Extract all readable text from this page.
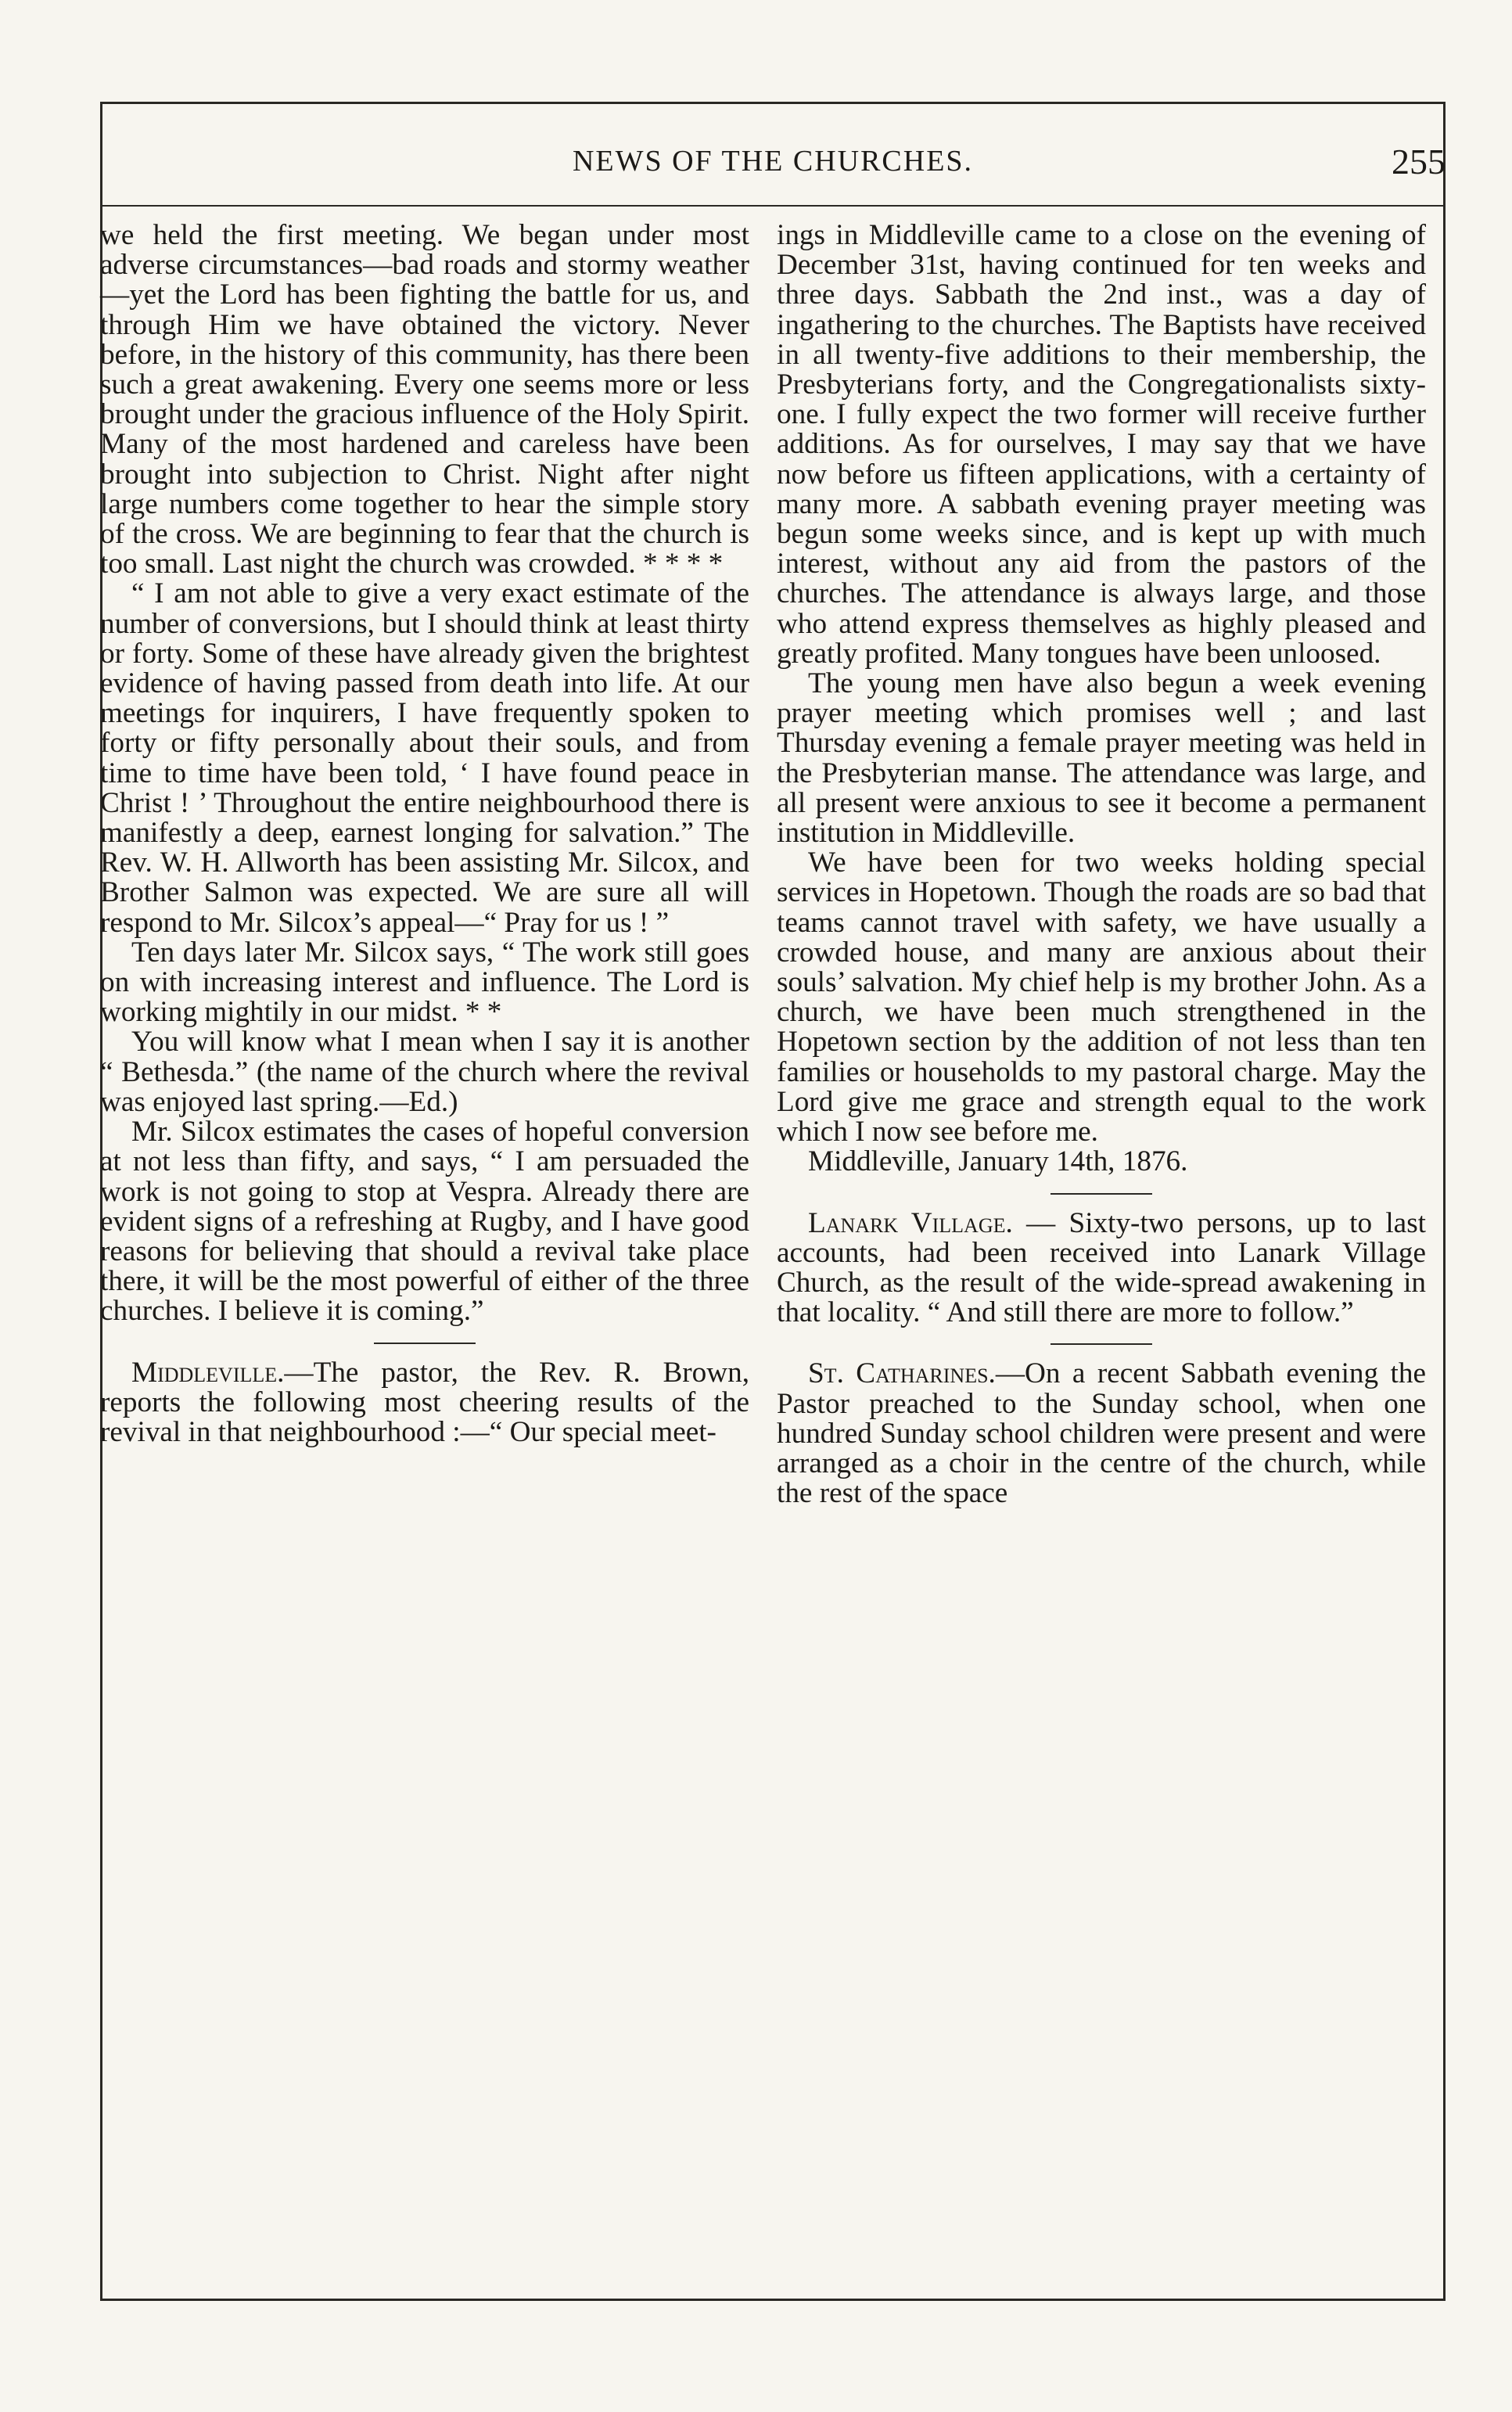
NEWS OF THE CHURCHES.	255

we held the first meeting. We began under most adverse circumstances—bad roads and stormy weather—yet the Lord has been fighting the battle for us, and through Him we have obtained the victory. Never before, in the history of this community, has there been such a great awakening. Every one seems more or less brought under the gracious influence of the Holy Spirit. Many of the most hardened and careless have been brought into subjection to Christ. Night after night large numbers come together to hear the simple story of the cross. We are beginning to fear that the church is too small. Last night the church was crowded. * * * *

“ I am not able to give a very exact estimate of the number of conversions, but I should think at least thirty or forty. Some of these have already given the brightest evidence of having passed from death into life. At our meetings for inquirers, I have frequently spoken to forty or fifty personally about their souls, and from time to time have been told, ‘ I have found peace in Christ ! ’ Throughout the entire neighbourhood there is manifestly a deep, earnest longing for salvation.” The Rev. W. H. Allworth has been assisting Mr. Silcox, and Brother Salmon was expected. We are sure all will respond to Mr. Silcox’s appeal—“ Pray for us ! ”

Ten days later Mr. Silcox says, “ The work still goes on with increasing interest and influence. The Lord is working mightily in our midst. * *

You will know what I mean when I say it is another “ Bethesda.” (the name of the church where the revival was enjoyed last spring.—Ed.)

Mr. Silcox estimates the cases of hopeful conversion at not less than fifty, and says, “ I am persuaded the work is not going to stop at Vespra. Already there are evident signs of a refreshing at Rugby, and I have good reasons for believing that should a revival take place there, it will be the most powerful of either of the three churches. I believe it is coming.”

Middleville.—The pastor, the Rev. R. Brown, reports the following most cheering results of the revival in that neighbourhood :—“ Our special meet-

ings in Middleville came to a close on the evening of December 31st, having continued for ten weeks and three days. Sabbath the 2nd inst., was a day of ingathering to the churches. The Baptists have received in all twenty-five additions to their membership, the Presbyterians forty, and the Congregationalists sixty-one. I fully expect the two former will receive further additions. As for ourselves, I may say that we have now before us fifteen applications, with a certainty of many more. A sabbath evening prayer meeting was begun some weeks since, and is kept up with much interest, without any aid from the pastors of the churches. The attendance is always large, and those who attend express themselves as highly pleased and greatly profited. Many tongues have been unloosed.

The young men have also begun a week evening prayer meeting which promises well ; and last Thursday evening a female prayer meeting was held in the Presbyterian manse. The attendance was large, and all present were anxious to see it become a permanent institution in Middleville.

We have been for two weeks holding special services in Hopetown. Though the roads are so bad that teams cannot travel with safety, we have usually a crowded house, and many are anxious about their souls’ salvation. My chief help is my brother John. As a church, we have been much strengthened in the Hopetown section by the addition of not less than ten families or households to my pastoral charge. May the Lord give me grace and strength equal to the work which I now see before me.

Middleville, January 14th, 1876.

Lanark Village. — Sixty-two persons, up to last accounts, had been received into Lanark Village Church, as the result of the wide-spread awakening in that locality. “ And still there are more to follow.”

St. Catharines.—On a recent Sabbath evening the Pastor preached to the Sunday school, when one hundred Sunday school children were present and were arranged as a choir in the centre of the church, while the rest of the space
